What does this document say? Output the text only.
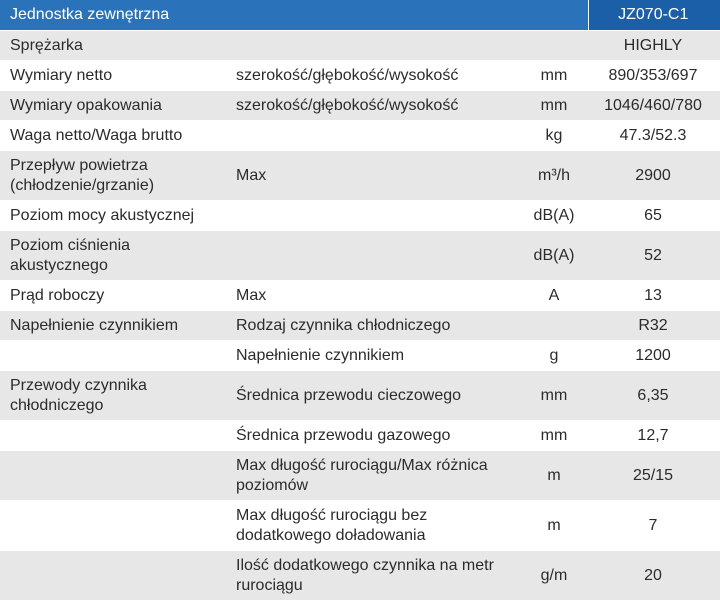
Jednostka zewnętrzna			JZ070-C1
Sprężarka			HIGHLY
Wymiary netto	szerokość/głębokość/wysokość	mm	890/353/697
Wymiary opakowania	szerokość/głębokość/wysokość	mm	1046/460/780
Waga netto/Waga brutto		kg	47.3/52.3
Przepływ powietrza (chłodzenie/grzanie)	Max	m³/h	2900
Poziom mocy akustycznej		dB(A)	65
Poziom ciśnienia akustycznego		dB(A)	52
Prąd roboczy	Max	A	13
Napełnienie czynnikiem	Rodzaj czynnika chłodniczego		R32
	Napełnienie czynnikiem	g	1200
Przewody czynnika chłodniczego	Średnica przewodu cieczowego	mm	6,35
	Średnica przewodu gazowego	mm	12,7
	Max długość rurociągu/Max różnica poziomów	m	25/15
	Max długość rurociągu bez dodatkowego doładowania	m	7
	Ilość dodatkowego czynnika na metr rurociągu	g/m	20
